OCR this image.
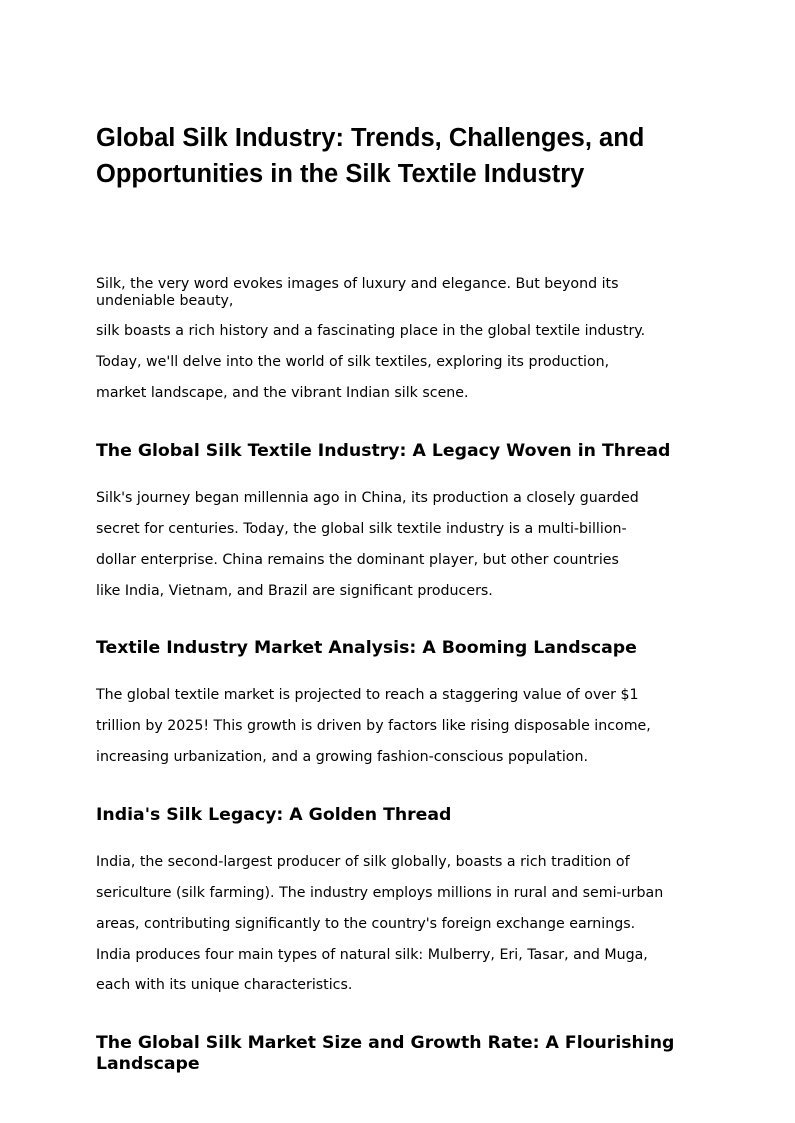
Global Silk Industry: Trends, Challenges, and
Opportunities in the Silk Textile Industry

Silk, the very word evokes images of luxury and elegance. But beyond its

undeniable beauty,

silk boasts a rich history and a fascinating place in the global textile industry.

Today, we'll delve into the world of silk textiles, exploring its production,

market landscape, and the vibrant Indian silk scene.

The Global Silk Textile Industry: A Legacy Woven in Thread

Silk's journey began millennia ago in China, its production a closely guarded

secret for centuries. Today, the global silk textile industry is a multi-billion-

dollar enterprise. China remains the dominant player, but other countries

like India, Vietnam, and Brazil are significant producers.

Textile Industry Market Analysis: A Booming Landscape

The global textile market is projected to reach a staggering value of over $1

trillion by 2025! This growth is driven by factors like rising disposable income,

increasing urbanization, and a growing fashion-conscious population.

India's Silk Legacy: A Golden Thread

India, the second-largest producer of silk globally, boasts a rich tradition of

sericulture (silk farming). The industry employs millions in rural and semi-urban

areas, contributing significantly to the country's foreign exchange earnings.

India produces four main types of natural silk: Mulberry, Eri, Tasar, and Muga,

each with its unique characteristics.

The Global Silk Market Size and Growth Rate: A Flourishing
Landscape
